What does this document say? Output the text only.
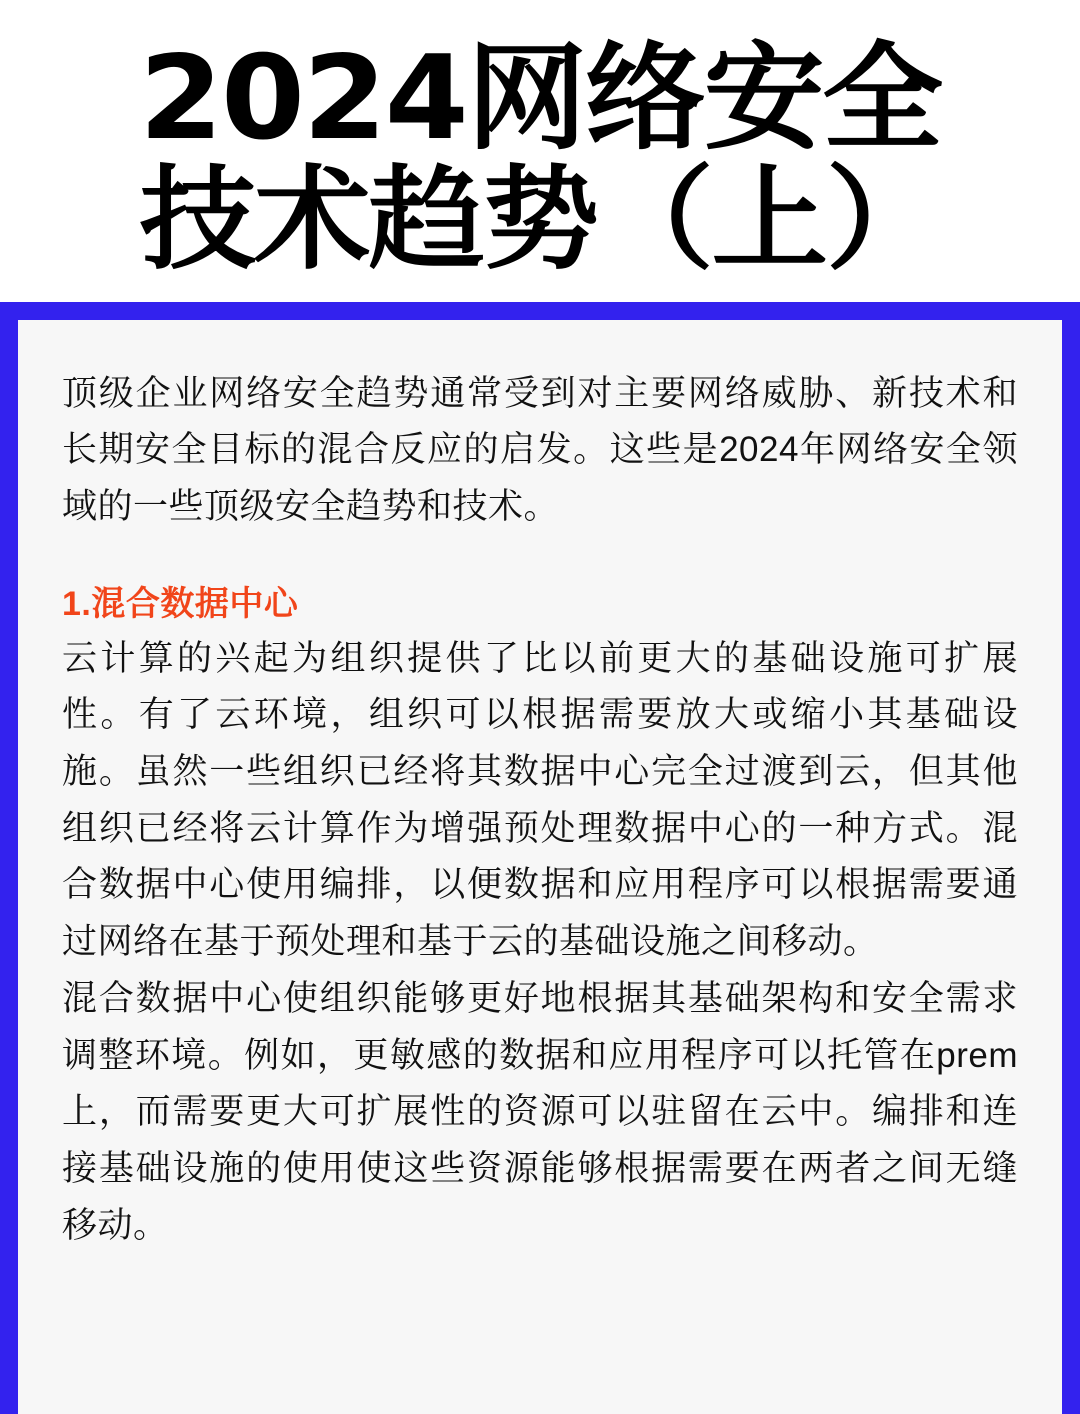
2024网络安全
技术趋势（上）

顶级企业网络安全趋势通常受到对主要网络威胁、新技术和长期安全目标的混合反应的启发。这些是2024年网络安全领域的一些顶级安全趋势和技术。

1.混合数据中心

云计算的兴起为组织提供了比以前更大的基础设施可扩展性。有了云环境，组织可以根据需要放大或缩小其基础设施。虽然一些组织已经将其数据中心完全过渡到云，但其他组织已经将云计算作为增强预处理数据中心的一种方式。混合数据中心使用编排，以便数据和应用程序可以根据需要通过网络在基于预处理和基于云的基础设施之间移动。

混合数据中心使组织能够更好地根据其基础架构和安全需求调整环境。例如，更敏感的数据和应用程序可以托管在prem上，而需要更大可扩展性的资源可以驻留在云中。编排和连接基础设施的使用使这些资源能够根据需要在两者之间无缝移动。
